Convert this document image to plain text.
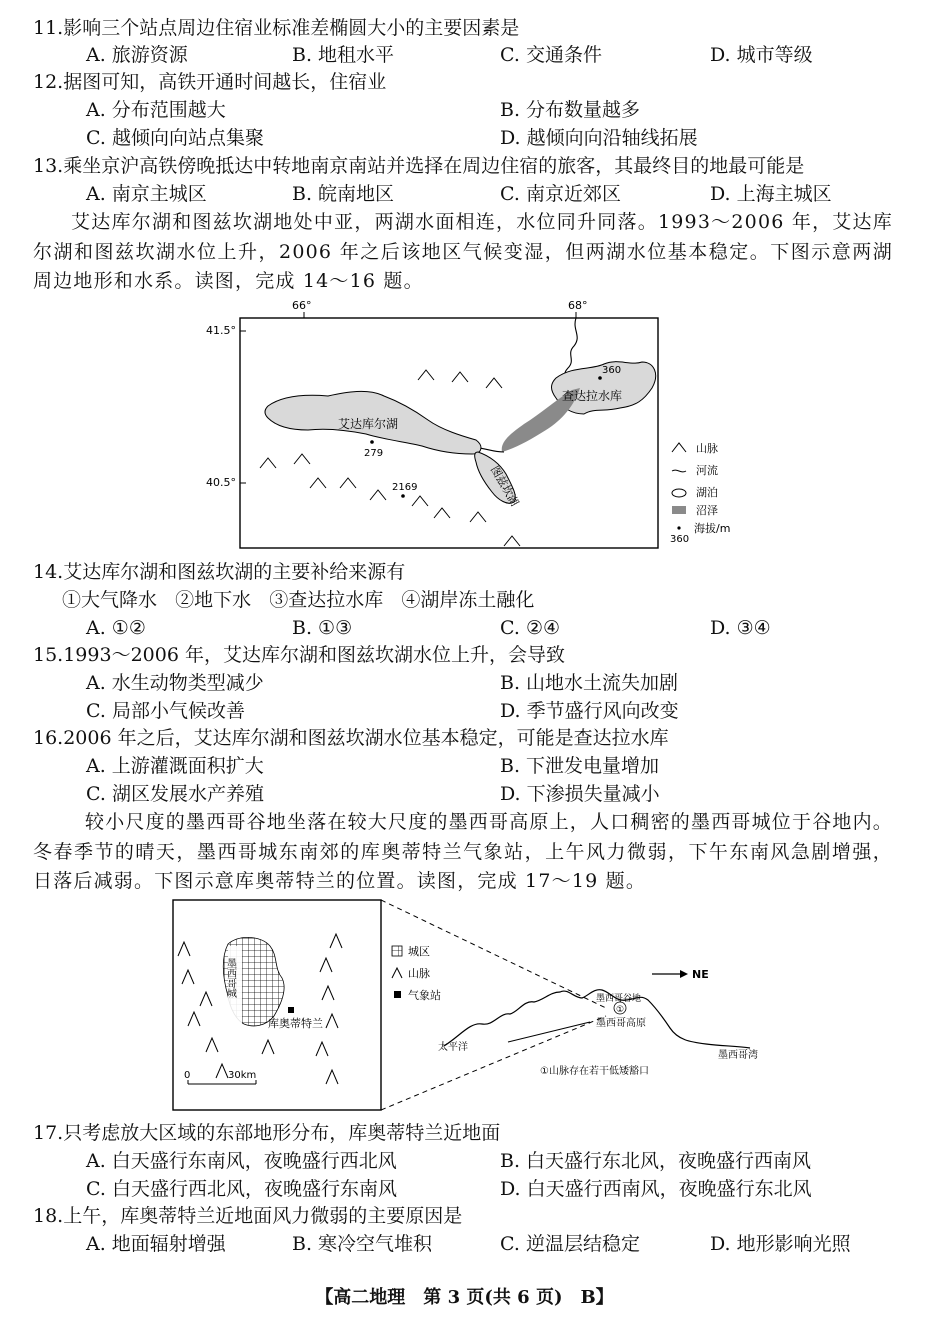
11.影响三个站点周边住宿业标准差椭圆大小的主要因素是
A. 旅游资源	B. 地租水平	C. 交通条件	D. 城市等级
12.据图可知，高铁开通时间越长，住宿业
A. 分布范围越大	B. 分布数量越多
C. 越倾向向站点集聚	D. 越倾向向沿轴线拓展
13.乘坐京沪高铁傍晚抵达中转地南京南站并选择在周边住宿的旅客，其最终目的地最可能是
A. 南京主城区	B. 皖南地区	C. 南京近郊区	D. 上海主城区
艾达库尔湖和图兹坎湖地处中亚，两湖水面相连，水位同升同落。1993～2006 年，艾达库尔湖和图兹坎湖水位上升，2006 年之后该地区气候变湿，但两湖水位基本稳定。下图示意两湖周边地形和水系。读图，完成 14～16 题。
66°	68°
41.5°
40.5°
艾达库尔湖
图兹坎湖
查达拉水库
279
2169
360
山脉
河流
湖泊
沼泽
海拔/m
360
14.艾达库尔湖和图兹坎湖的主要补给来源有
①大气降水   ②地下水   ③查达拉水库   ④湖岸冻土融化
A. ①②	B. ①③	C. ②④	D. ③④
15.1993～2006 年，艾达库尔湖和图兹坎湖水位上升，会导致
A. 水生动物类型减少	B. 山地水土流失加剧
C. 局部小气候改善	D. 季节盛行风向改变
16.2006 年之后，艾达库尔湖和图兹坎湖水位基本稳定，可能是查达拉水库
A. 上游灌溉面积扩大	B. 下泄发电量增加
C. 湖区发展水产养殖	D. 下渗损失量减小
较小尺度的墨西哥谷地坐落在较大尺度的墨西哥高原上，人口稠密的墨西哥城位于谷地内。冬春季节的晴天，墨西哥城东南郊的库奥蒂特兰气象站，上午风力微弱，下午东南风急剧增强，日落后减弱。下图示意库奥蒂特兰的位置。读图，完成 17～19 题。
墨西哥城
库奥蒂特兰
0	30km
城区
山脉
气象站
NE
墨西哥谷地
①
墨西哥高原
太平洋
墨西哥湾
①山脉存在若干低矮豁口
17.只考虑放大区域的东部地形分布，库奥蒂特兰近地面
A. 白天盛行东南风，夜晚盛行西北风	B. 白天盛行东北风，夜晚盛行西南风
C. 白天盛行西北风，夜晚盛行东南风	D. 白天盛行西南风，夜晚盛行东北风
18.上午，库奥蒂特兰近地面风力微弱的主要原因是
A. 地面辐射增强	B. 寒冷空气堆积	C. 逆温层结稳定	D. 地形影响光照
【高二地理　第 3 页(共 6 页)　B】
